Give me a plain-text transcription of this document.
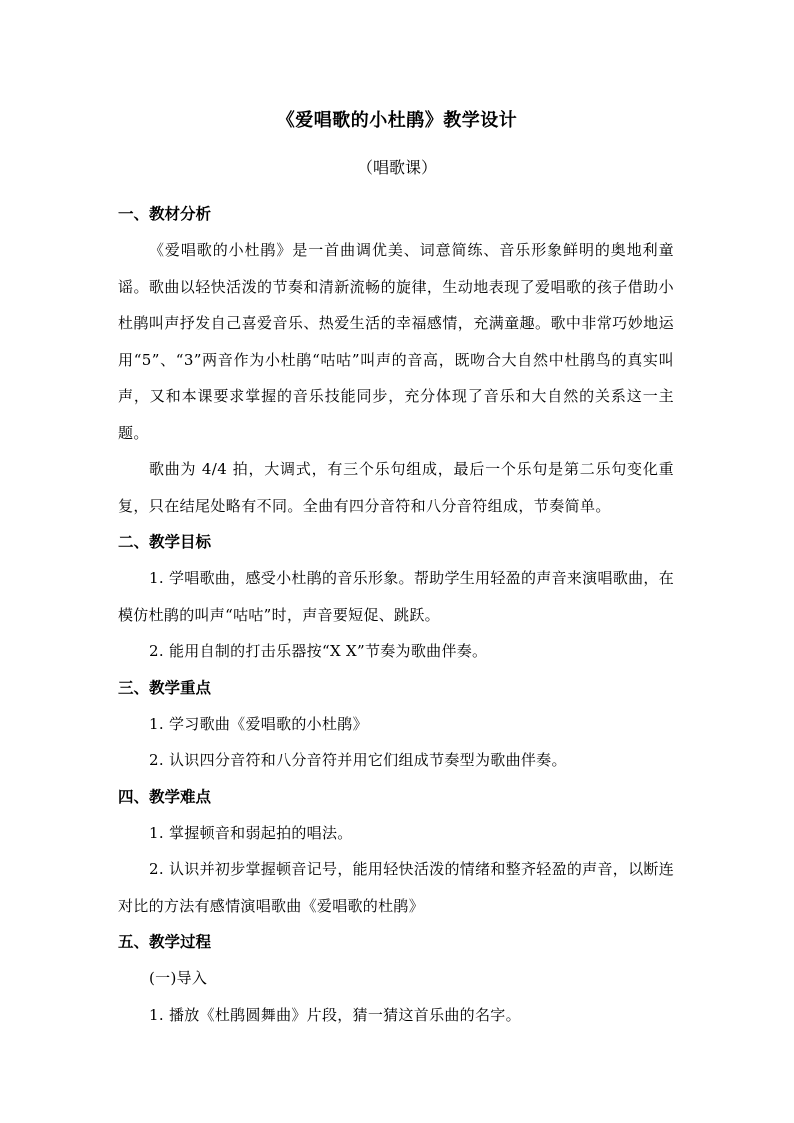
《爱唱歌的小杜鹃》教学设计
（唱歌课）
一、教材分析
《爱唱歌的小杜鹃》是一首曲调优美、词意简练、音乐形象鲜明的奥地利童谣。歌曲以轻快活泼的节奏和清新流畅的旋律，生动地表现了爱唱歌的孩子借助小杜鹃叫声抒发自己喜爱音乐、热爱生活的幸福感情，充满童趣。歌中非常巧妙地运用“5”、“3”两音作为小杜鹃“咕咕”叫声的音高，既吻合大自然中杜鹃鸟的真实叫声，又和本课要求掌握的音乐技能同步，充分体现了音乐和大自然的关系这一主题。
歌曲为 4/4 拍，大调式，有三个乐句组成，最后一个乐句是第二乐句变化重复，只在结尾处略有不同。全曲有四分音符和八分音符组成，节奏简单。
二、教学目标
1. 学唱歌曲，感受小杜鹃的音乐形象。帮助学生用轻盈的声音来演唱歌曲，在模仿杜鹃的叫声“咕咕”时，声音要短促、跳跃。
2. 能用自制的打击乐器按“X X”节奏为歌曲伴奏。
三、教学重点
1. 学习歌曲《爱唱歌的小杜鹃》
2. 认识四分音符和八分音符并用它们组成节奏型为歌曲伴奏。
四、教学难点
1. 掌握顿音和弱起拍的唱法。
2. 认识并初步掌握顿音记号，能用轻快活泼的情绪和整齐轻盈的声音，以断连对比的方法有感情演唱歌曲《爱唱歌的杜鹃》
五、教学过程
(一)导入
1. 播放《杜鹃圆舞曲》片段，猜一猜这首乐曲的名字。
